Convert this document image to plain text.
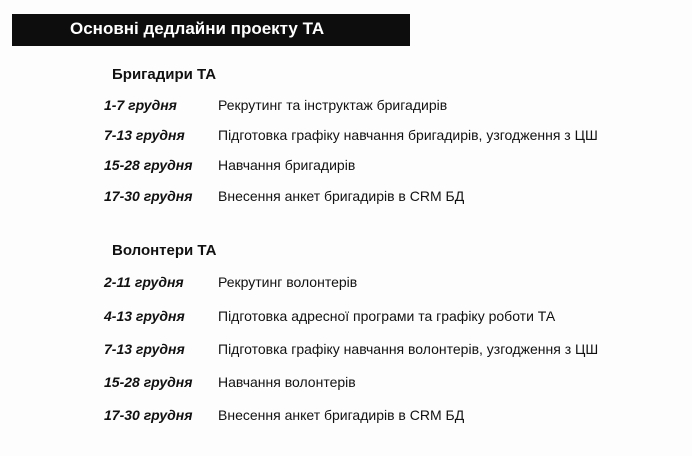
Основні дедлайни проекту ТА
Бригадири ТА
1-7 грудня	Рекрутинг та інструктаж бригадирів
7-13 грудня Підготовка графіку навчання бригадирів, узгодження з ЦШ
15-28 грудня Навчання бригадирів
17-30 грудня Внесення анкет бригадирів в CRM БД
Волонтери ТА
2-11 грудня Рекрутинг волонтерів
4-13 грудня Підготовка адресної програми та графіку роботи ТА
7-13 грудня Підготовка графіку навчання волонтерів, узгодження з ЦШ
15-28 грудня Навчання волонтерів
17-30 грудня Внесення анкет бригадирів в CRM БД
